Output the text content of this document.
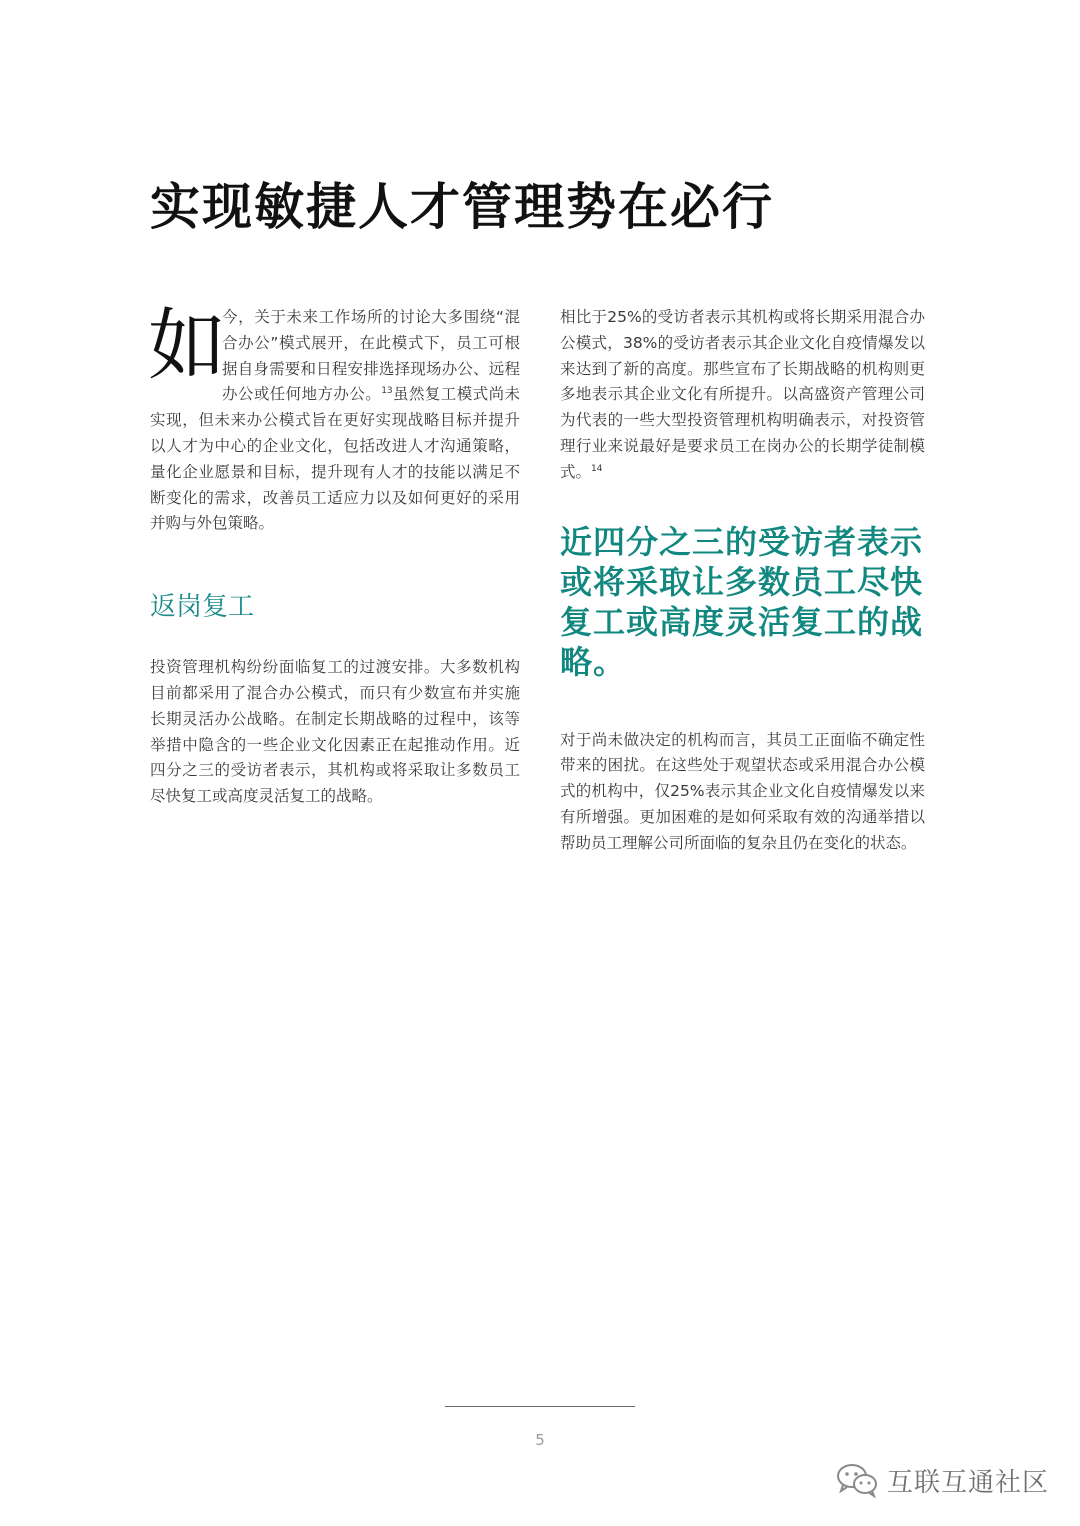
实现敏捷人才管理势在必行

如
今，关于未来工作场所的讨论大多围绕“混合办公”模式展开，在此模式下，员工可根据自身需要和日程安排选择现场办公、远程办公或任何地方办公。$^{13}$虽然复工模式尚未实现，但未来办公模式旨在更好实现战略目标并提升以人才为中心的企业文化，包括改进人才沟通策略，量化企业愿景和目标，提升现有人才的技能以满足不断变化的需求，改善员工适应力以及如何更好的采用并购与外包策略。

返岗复工

投资管理机构纷纷面临复工的过渡安排。大多数机构目前都采用了混合办公模式，而只有少数宣布并实施长期灵活办公战略。在制定长期战略的过程中，该等举措中隐含的一些企业文化因素正在起推动作用。近四分之三的受访者表示，其机构或将采取让多数员工尽快复工或高度灵活复工的战略。

相比于25%的受访者表示其机构或将长期采用混合办公模式，38%的受访者表示其企业文化自疫情爆发以来达到了新的高度。那些宣布了长期战略的机构则更多地表示其企业文化有所提升。以高盛资产管理公司为代表的一些大型投资管理机构明确表示，对投资管理行业来说最好是要求员工在岗办公的长期学徒制模式。$^{14}$

近四分之三的受访者表示或将采取让多数员工尽快复工或高度灵活复工的战略。

对于尚未做决定的机构而言，其员工正面临不确定性带来的困扰。在这些处于观望状态或采用混合办公模式的机构中，仅25%表示其企业文化自疫情爆发以来有所增强。更加困难的是如何采取有效的沟通举措以帮助员工理解公司所面临的复杂且仍在变化的状态。

5
互联互通社区
